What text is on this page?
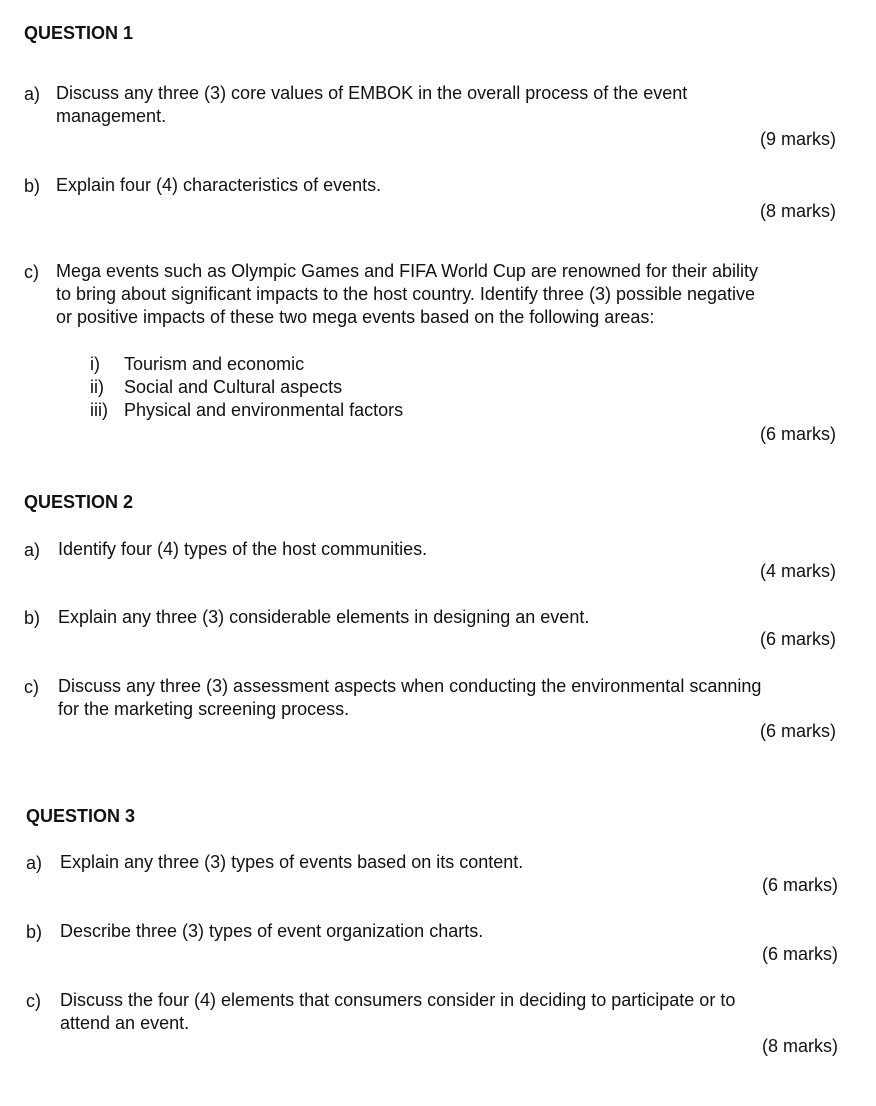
QUESTION 1
a) Discuss any three (3) core values of EMBOK in the overall process of the event
management.
(9 marks)
b) Explain four (4) characteristics of events.
(8 marks)
c) Mega events such as Olympic Games and FIFA World Cup are renowned for their ability
to bring about significant impacts to the host country. Identify three (3) possible negative
or positive impacts of these two mega events based on the following areas:
i) Tourism and economic
ii) Social and Cultural aspects
iii) Physical and environmental factors
(6 marks)
QUESTION 2
a) Identify four (4) types of the host communities.
(4 marks)
b) Explain any three (3) considerable elements in designing an event.
(6 marks)
c) Discuss any three (3) assessment aspects when conducting the environmental scanning
for the marketing screening process.
(6 marks)
QUESTION 3
a) Explain any three (3) types of events based on its content.
(6 marks)
b) Describe three (3) types of event organization charts.
(6 marks)
c) Discuss the four (4) elements that consumers consider in deciding to participate or to
attend an event.
(8 marks)
